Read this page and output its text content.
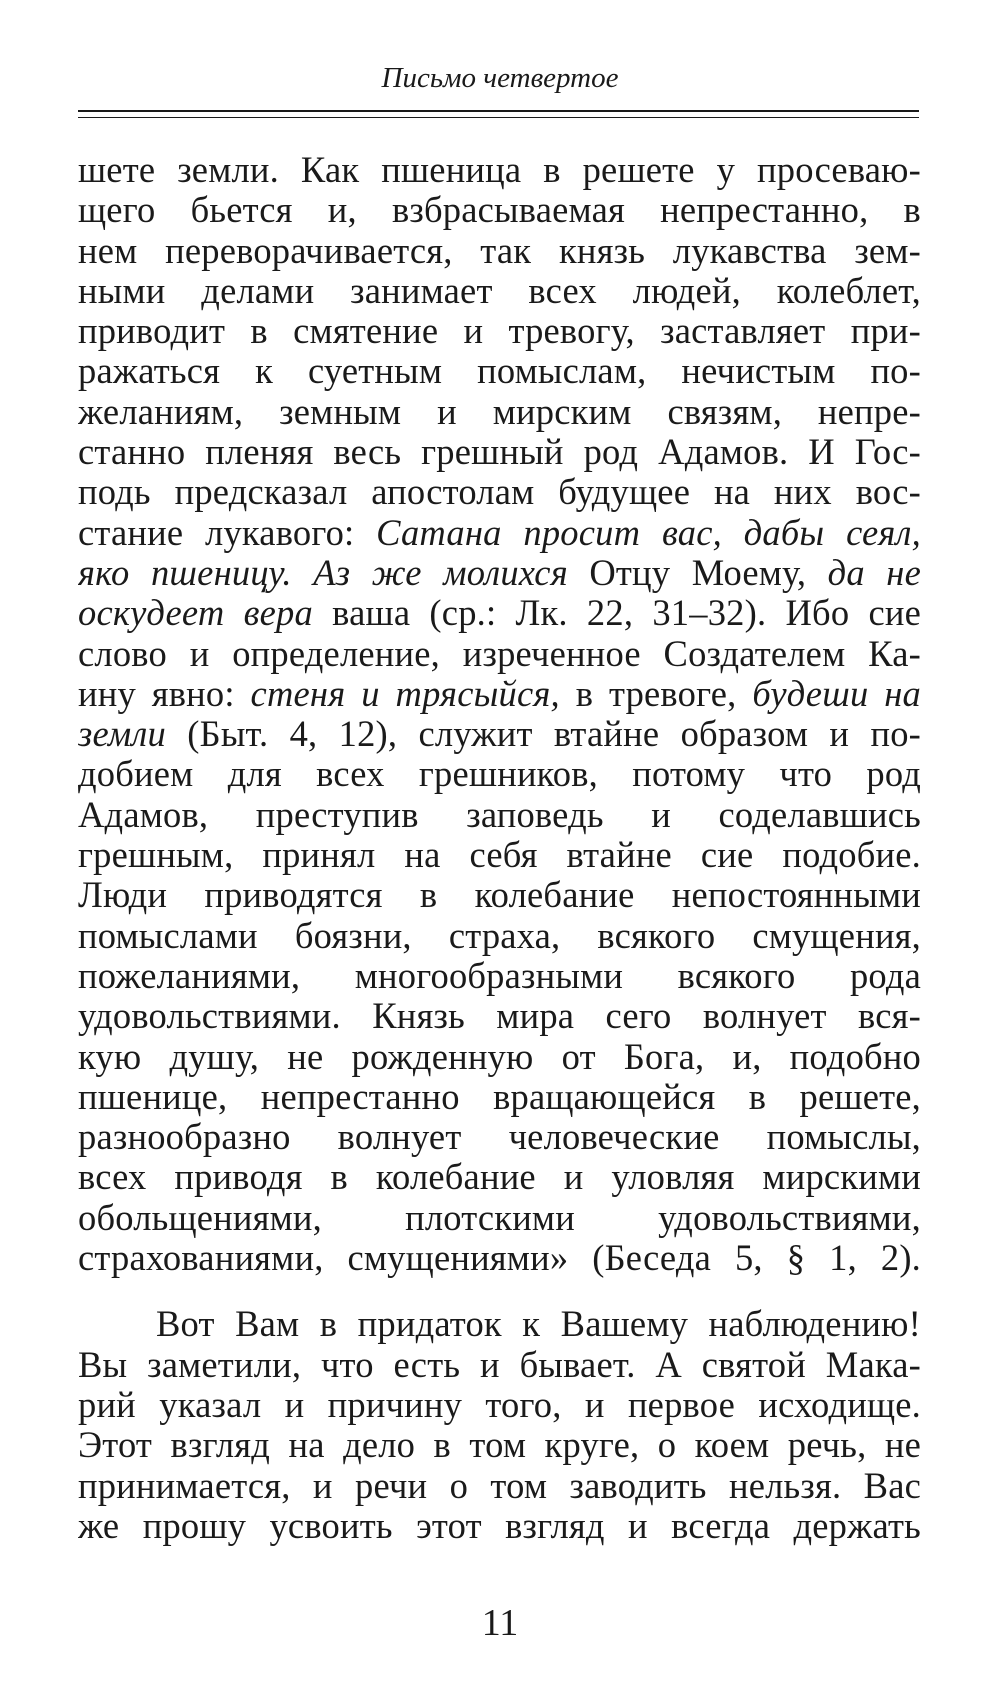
Письмо четвертое
шете земли. Как пшеница в решете у просеваю-
щего бьется и, взбрасываемая непрестанно, в
нем переворачивается, так князь лукавства зем-
ными делами занимает всех людей, колеблет,
приводит в смятение и тревогу, заставляет при-
ражаться к суетным помыслам, нечистым по-
желаниям, земным и мирским связям, непре-
станно пленяя весь грешный род Адамов. И Гос-
подь предсказал апостолам будущее на них вос-
стание лукавого: Сатана просит вас, дабы сеял,
яко пшеницу. Аз же молихся Отцу Моему, да не
оскудеет вера ваша (ср.: Лк. 22, 31–32). Ибо сие
слово и определение, изреченное Создателем Ка-
ину явно: стеня и трясыйся, в тревоге, будеши на
земли (Быт. 4, 12), служит втайне образом и по-
добием для всех грешников, потому что род
Адамов, преступив заповедь и соделавшись
грешным, принял на себя втайне сие подобие.
Люди приводятся в колебание непостоянными
помыслами боязни, страха, всякого смущения,
пожеланиями, многообразными всякого рода
удовольствиями. Князь мира сего волнует вся-
кую душу, не рожденную от Бога, и, подобно
пшенице, непрестанно вращающейся в решете,
разнообразно волнует человеческие помыслы,
всех приводя в колебание и уловляя мирскими
обольщениями, плотскими удовольствиями,
страхованиями, смущениями» (Беседа 5, § 1, 2).
Вот Вам в придаток к Вашему наблюдению!
Вы заметили, что есть и бывает. А святой Мака-
рий указал и причину того, и первое исходище.
Этот взгляд на дело в том круге, о коем речь, не
принимается, и речи о том заводить нельзя. Вас
же прошу усвоить этот взгляд и всегда держать
11
